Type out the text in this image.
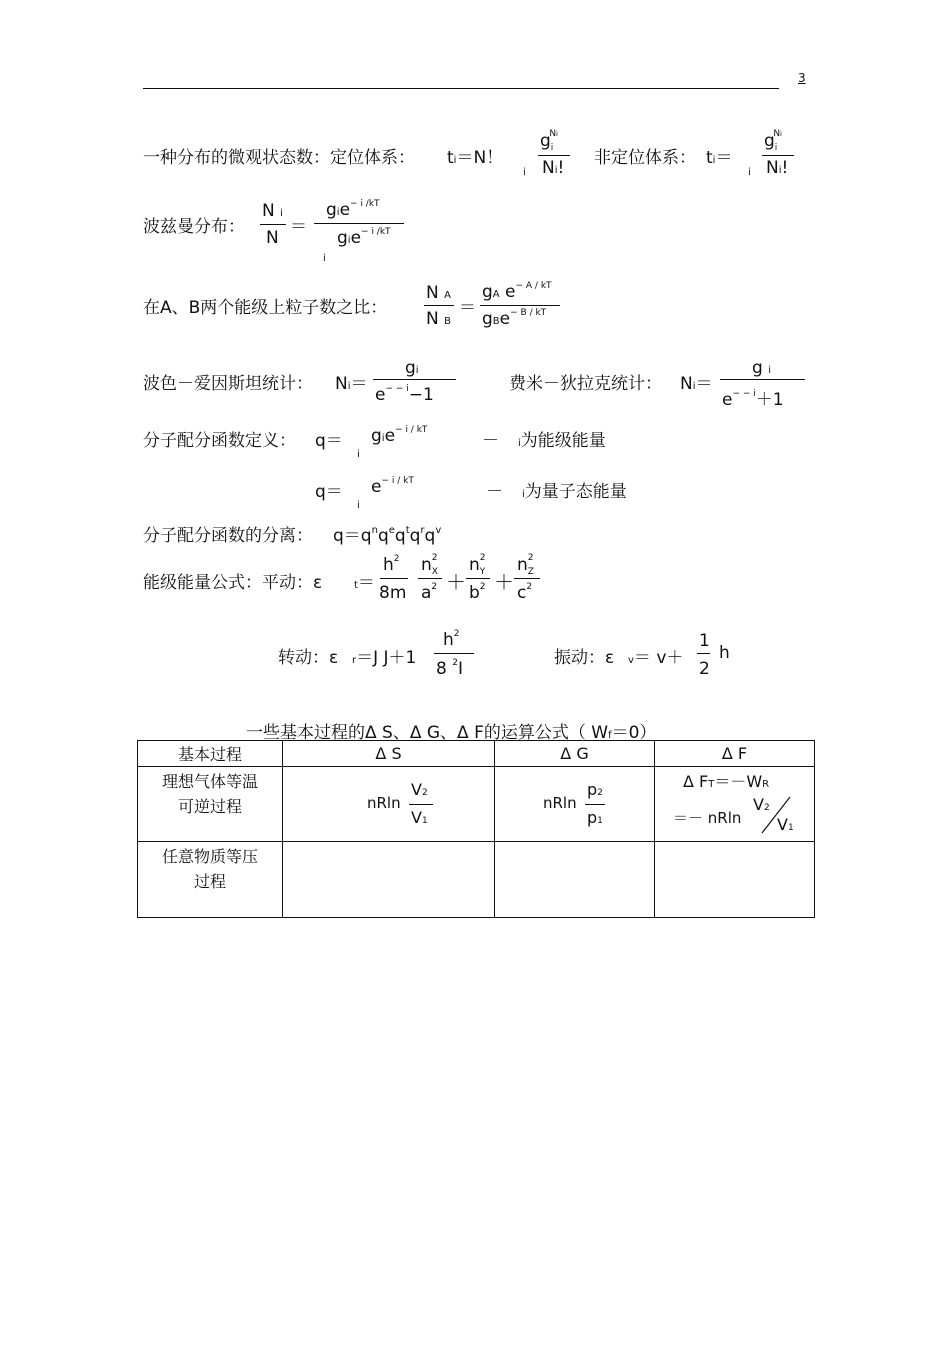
3
一种分布的微观状态数：定位体系： ti＝N！
i
$g_i^{Ni}$
Ni! 非定位体系： ti＝
i
$g_i^{Ni}$
Ni!
波兹曼分布：
N i
N
＝
gie$^{- i /kT}$
gie$^{- i /kT}$
i
在A、B两个能级上粒子数之比：
N A
N B
＝
gA $e^{- A / kT}$
gBe$^{- B / kT}$
波色－爱因斯坦统计： Ni＝
gi
$e^{- - i}-1$
费米－狄拉克统计： Ni＝
g i
$e^{- - i}+1$
分子配分函数定义： q＝ gie$^{- i / kT}$
i
－ i为能级能量
$q= e^{- i / kT}$
i
－ i为量子态能量
分子配分函数的分离： $q=q^nq^eq^tq^rq^v$
能级能量公式：平动：ε	t＝
$h^2$
8m
n 2
X
$a^2$ ＋
n 2
Y
$b^2$ ＋
n 2
Z
$c^2$
转动：ε r＝J J＋1
$h^2$
8 $^2$I
振动：ε v＝ v＋
1
2
h
一些基本过程的Δ S、Δ G、Δ F的运算公式（ Wf＝0）
基本过程	Δ S	Δ G	Δ F

理想气体等温可逆过程	nRln
V2
V1	nRln
p2
p1	Δ FT＝－WR
＝－ nRln
V2
V1

任意物质等压过程			
